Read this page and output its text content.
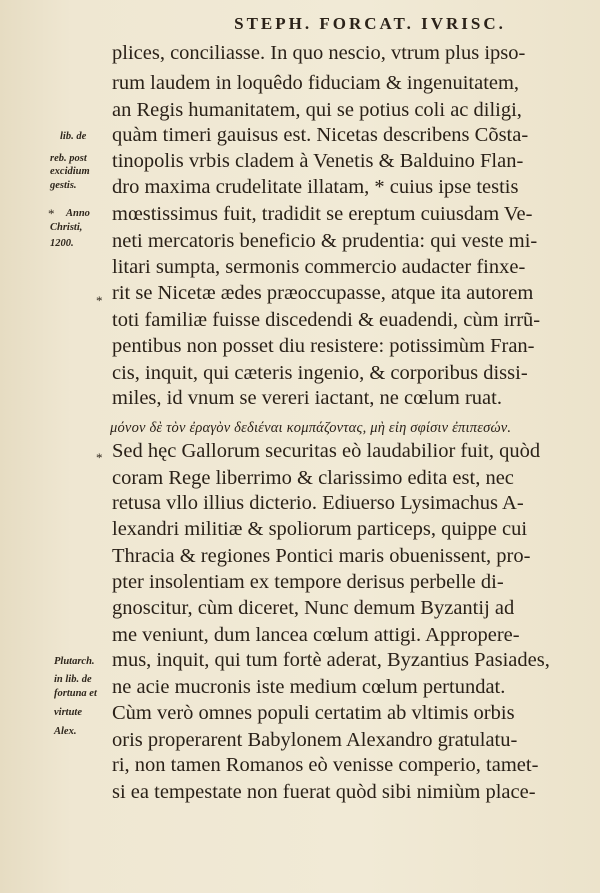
STEPH. FORCAT. IVRISC.
plices, conciliasse. In quo nescio, vtrum plus ipso-
rum laudem in loquêdo fiduciam & ingenuitatem,
an Regis humanitatem, qui se potius coli ac diligi,
quàm timeri gauisus est. Nicetas describens Cõsta-
tinopolis vrbis cladem à Venetis & Balduino Flan-
dro maxima crudelitate illatam, * cuius ipse testis
mœstissimus fuit, tradidit se ereptum cuiusdam Ve-
neti mercatoris beneficio & prudentia: qui veste mi-
litari sumpta, sermonis commercio audacter finxe-
rit se Nicetæ ædes præoccupasse, atque ita autorem
toti familiæ fuisse discedendi & euadendi, cùm irrũ-
pentibus non posset diu resistere: potissimùm Fran-
cis, inquit, qui cæteris ingenio, & corporibus dissi-
miles, id vnum se vereri iactant, ne cœlum ruat.
μόνον δὲ τὸν ἐραγὸν δεδιέναι κομπάζοντας, μὴ εἰη σφίσιν ἐπιπεσών.
Sed hęc Gallorum securitas eò laudabilior fuit, quòd
coram Rege liberrimo & clarissimo edita est, nec
retusa vllo illius dicterio. Ediuerso Lysimachus A-
lexandri militiæ & spoliorum particeps, quippe cui
Thracia & regiones Pontici maris obuenissent, pro-
pter insolentiam ex tempore derisus perbelle di-
gnoscitur, cùm diceret, Nunc demum Byzantij ad
me veniunt, dum lancea cœlum attigi. Appropere-
mus, inquit, qui tum fortè aderat, Byzantius Pasiades,
ne acie mucronis iste medium cœlum pertundat.
Cùm verò omnes populi certatim ab vltimis orbis
oris properarent Babylonem Alexandro gratulatu-
ri, non tamen Romanos eò venisse comperio, tamet-
si ea tempestate non fuerat quòd sibi nimiùm place-
lib. de
reb. post
excidium
gestis.
Anno
Christi,
1200.
Plutarch.
in lib. de
fortuna et
virtute
Alex.
*
*
*
